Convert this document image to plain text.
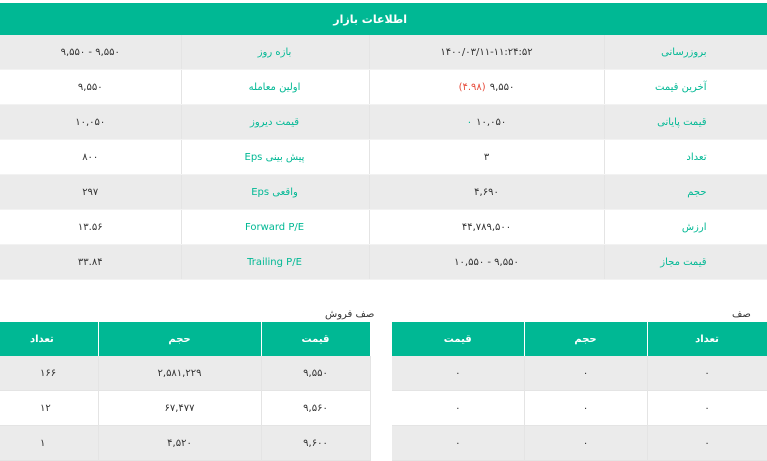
اطلاعات بازار
۹,۵۵۰ - ۹,۵۵۰	بازه روز	۱۴۰۰/۰۳/۱۱-۱۱:۲۴:۵۲	بروزرسانی
۹,۵۵۰	اولین معامله	(۴.۹۸) ۹,۵۵۰	آخرین قیمت
۱۰,۰۵۰	قیمت دیروز	۰ ۱۰,۰۵۰	قیمت پایانی
۸۰۰	Eps پیش بینی	۳	تعداد
۲۹۷	Eps واقعی	۴,۶۹۰	حجم
۱۳.۵۶	Forward P/E	۴۴,۷۸۹,۵۰۰	ارزش
۳۳.۸۴	Trailing P/E	۱۰,۵۵۰ - ۹,۵۵۰	قیمت مجاز
صف فروش
تعداد	حجم	قیمت
۱۶۶	۲,۵۸۱,۲۲۹	۹,۵۵۰
۱۲	۶۷,۴۷۷	۹,۵۶۰
۱	۴,۵۲۰	۹,۶۰۰
صف
قیمت	حجم	تعداد
۰	۰	۰
۰	۰	۰
۰	۰	۰
